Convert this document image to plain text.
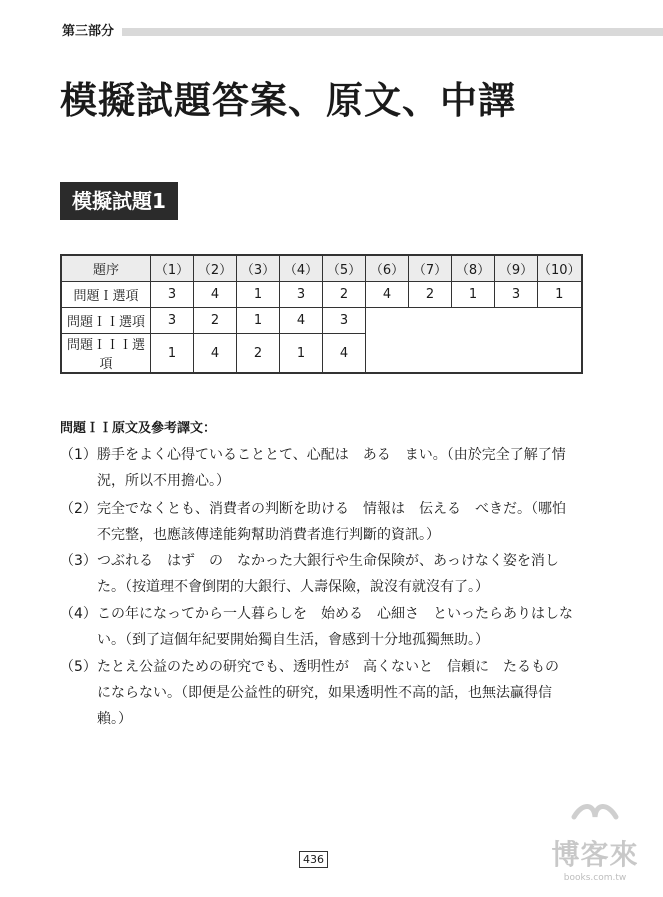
第三部分
模擬試題答案、原文、中譯
模擬試題1
題序	（1）	（2）	（3）	（4）	（5）	（6）	（7）	（8）	（9）	（10）
問題Ｉ選項	3	4	1	3	2	4	2	1	3	1
問題ＩＩ選項	3	2	1	4	3					
問題ＩＩＩ選項	1	4	2	1	4					
問題ＩＩ原文及參考譯文：
（1）勝手をよく心得ていることとて、心配は　ある　まい。（由於完全了解了情
況，所以不用擔心。）
（2）完全でなくとも、消費者の判断を助ける　情報は　伝える　べきだ。（哪怕
不完整，也應該傳達能夠幫助消費者進行判斷的資訊。）
（3）つぶれる　はず　の　なかった大銀行や生命保険が、あっけなく姿を消し
た。（按道理不會倒閉的大銀行、人壽保險，說沒有就沒有了。）
（4）この年になってから一人暮らしを　始める　心細さ　といったらありはしな
い。（到了這個年紀要開始獨自生活，會感到十分地孤獨無助。）
（5）たとえ公益のための研究でも、透明性が　高くないと　信頼に　たるもの
にならない。（即便是公益性的研究，如果透明性不高的話，也無法贏得信
賴。）
436	博客來
books.com.tw
